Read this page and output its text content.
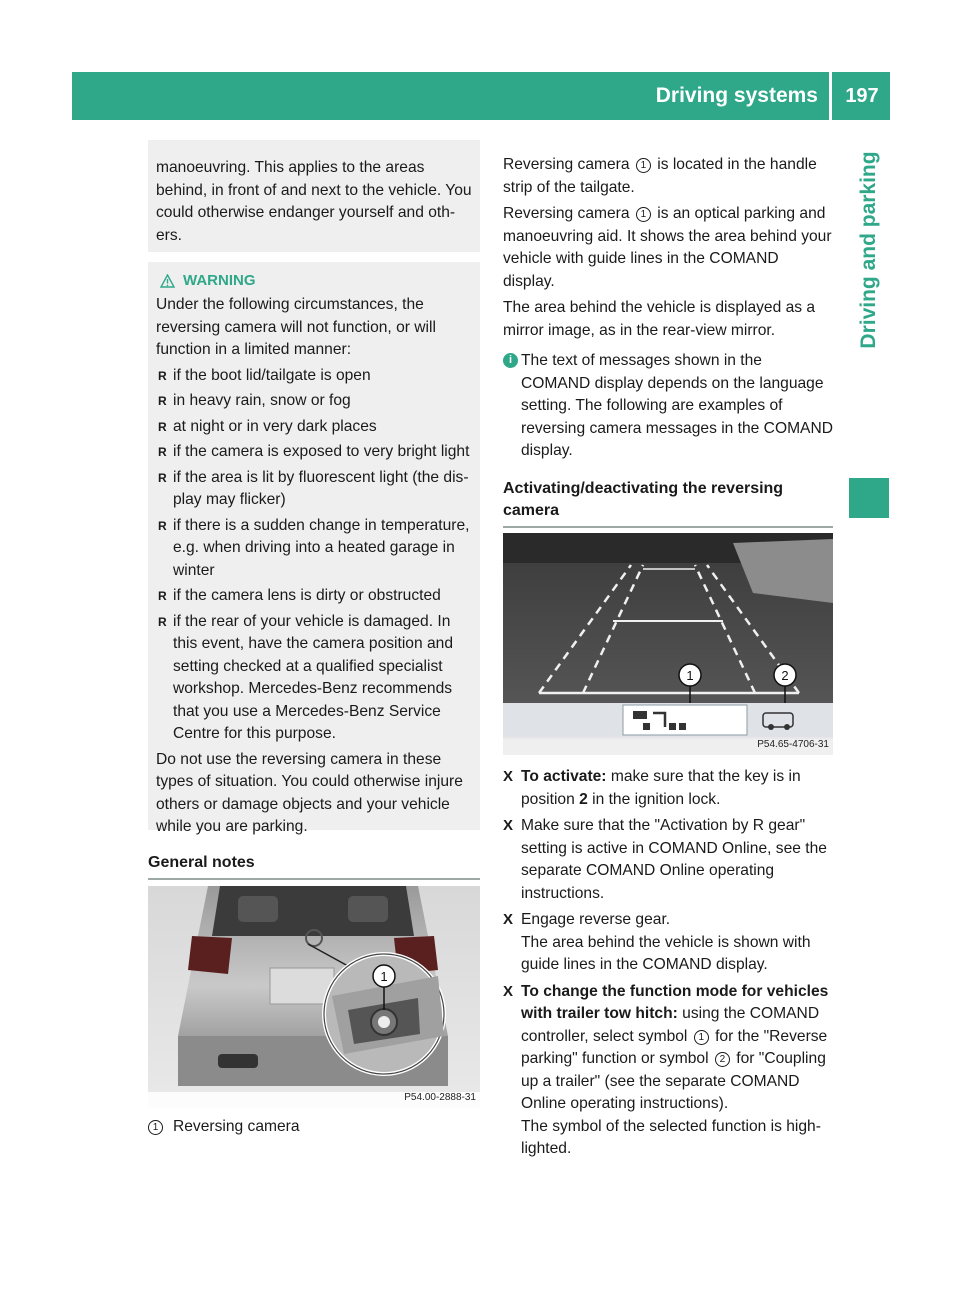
Driving systems	197
Driving and parking

manoeuvring. This applies to the areas behind, in front of and next to the vehicle. You could otherwise endanger yourself and others.

WARNING

Under the following circumstances, the reversing camera will not function, or will function in a limited manner:

R if the boot lid/tailgate is open
R in heavy rain, snow or fog
R at night or in very dark places
R if the camera is exposed to very bright light
R if the area is lit by fluorescent light (the display may flicker)
R if there is a sudden change in temperature, e.g. when driving into a heated garage in winter
R if the camera lens is dirty or obstructed
R if the rear of your vehicle is damaged. In this event, have the camera position and setting checked at a qualified specialist workshop. Mercedes-Benz recommends that you use a Mercedes-Benz Service Centre for this purpose.

Do not use the reversing camera in these types of situation. You could otherwise injure others or damage objects and your vehicle while you are parking.

General notes
1
P54.00-2888-31
1 Reversing camera

Reversing camera 1 is located in the handle strip of the tailgate.

Reversing camera 1 is an optical parking and manoeuvring aid. It shows the area behind your vehicle with guide lines in the COMAND display.

The area behind the vehicle is displayed as a mirror image, as in the rear-view mirror.

i The text of messages shown in the COMAND display depends on the language setting. The following are examples of reversing camera messages in the COMAND display.

Activating/deactivating the reversing camera
1	2
P54.65-4706-31
X To activate: make sure that the key is in position 2 in the ignition lock.
X Make sure that the "Activation by R gear" setting is active in COMAND Online, see the separate COMAND Online operating instructions.
X Engage reverse gear.
The area behind the vehicle is shown with guide lines in the COMAND display.
X To change the function mode for vehicles with trailer tow hitch: using the COMAND controller, select symbol 1 for the "Reverse parking" function or symbol 2 for "Coupling up a trailer" (see the separate COMAND Online operating instructions).
The symbol of the selected function is highlighted.
